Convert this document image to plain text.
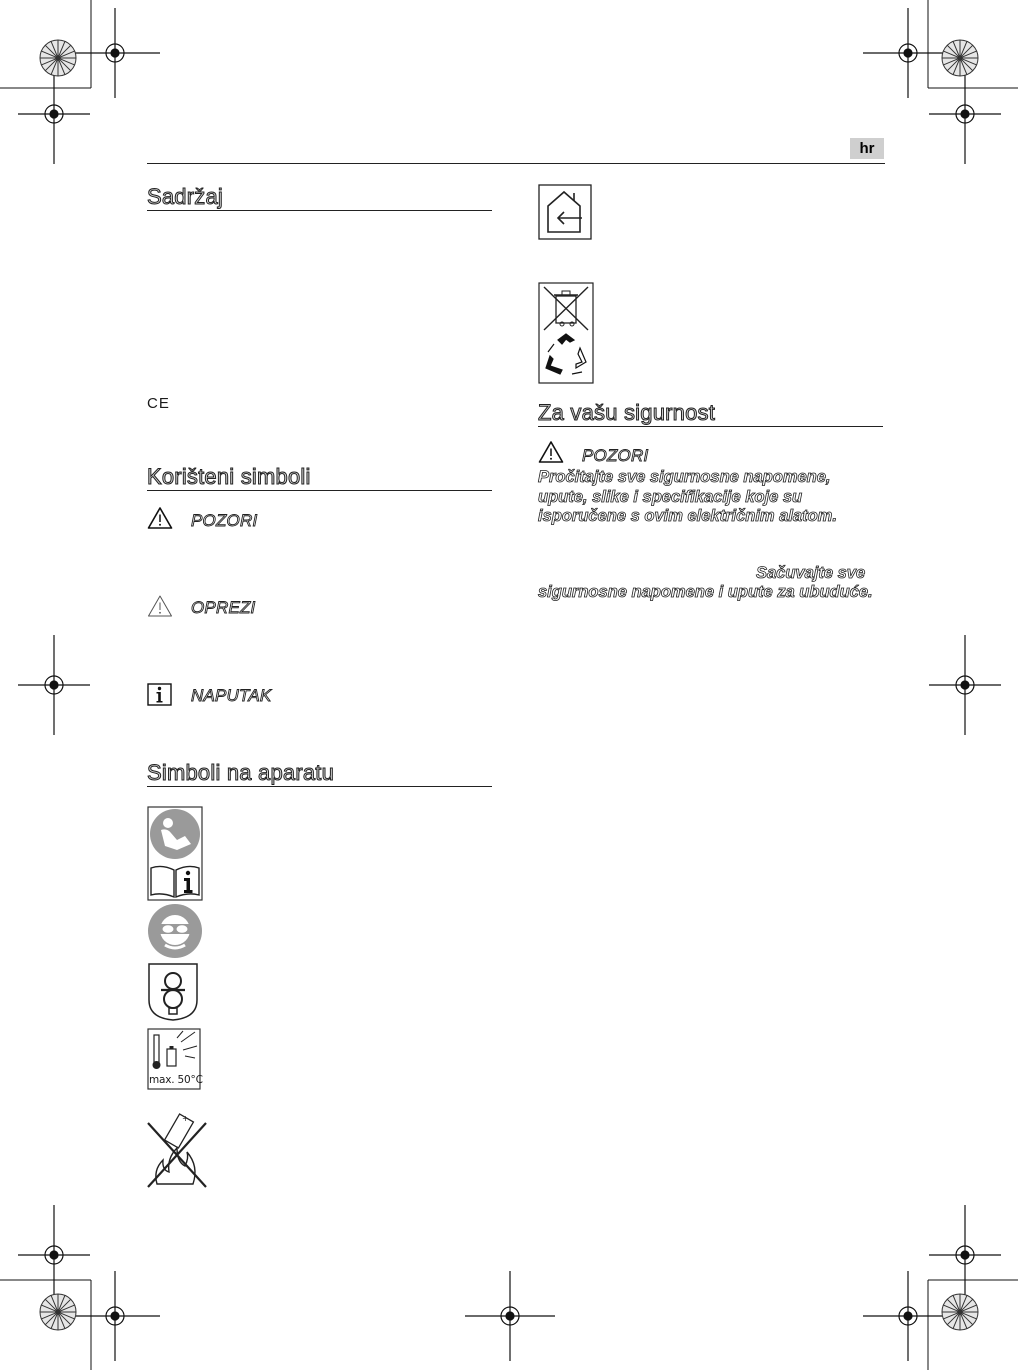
hr
Sadržaj
CE
Korišteni simboli
POZORI
OPREZI
NAPUTAK
Simboli na aparatu
max. 50°C
+
Za vašu sigurnost
POZORI
Pročitajte sve sigurnosne napomene,
upute, slike i specifikacije koje su
isporučene s ovim električnim alatom.
Sačuvajte sve
sigurnosne napomene i upute za ubuduće.
